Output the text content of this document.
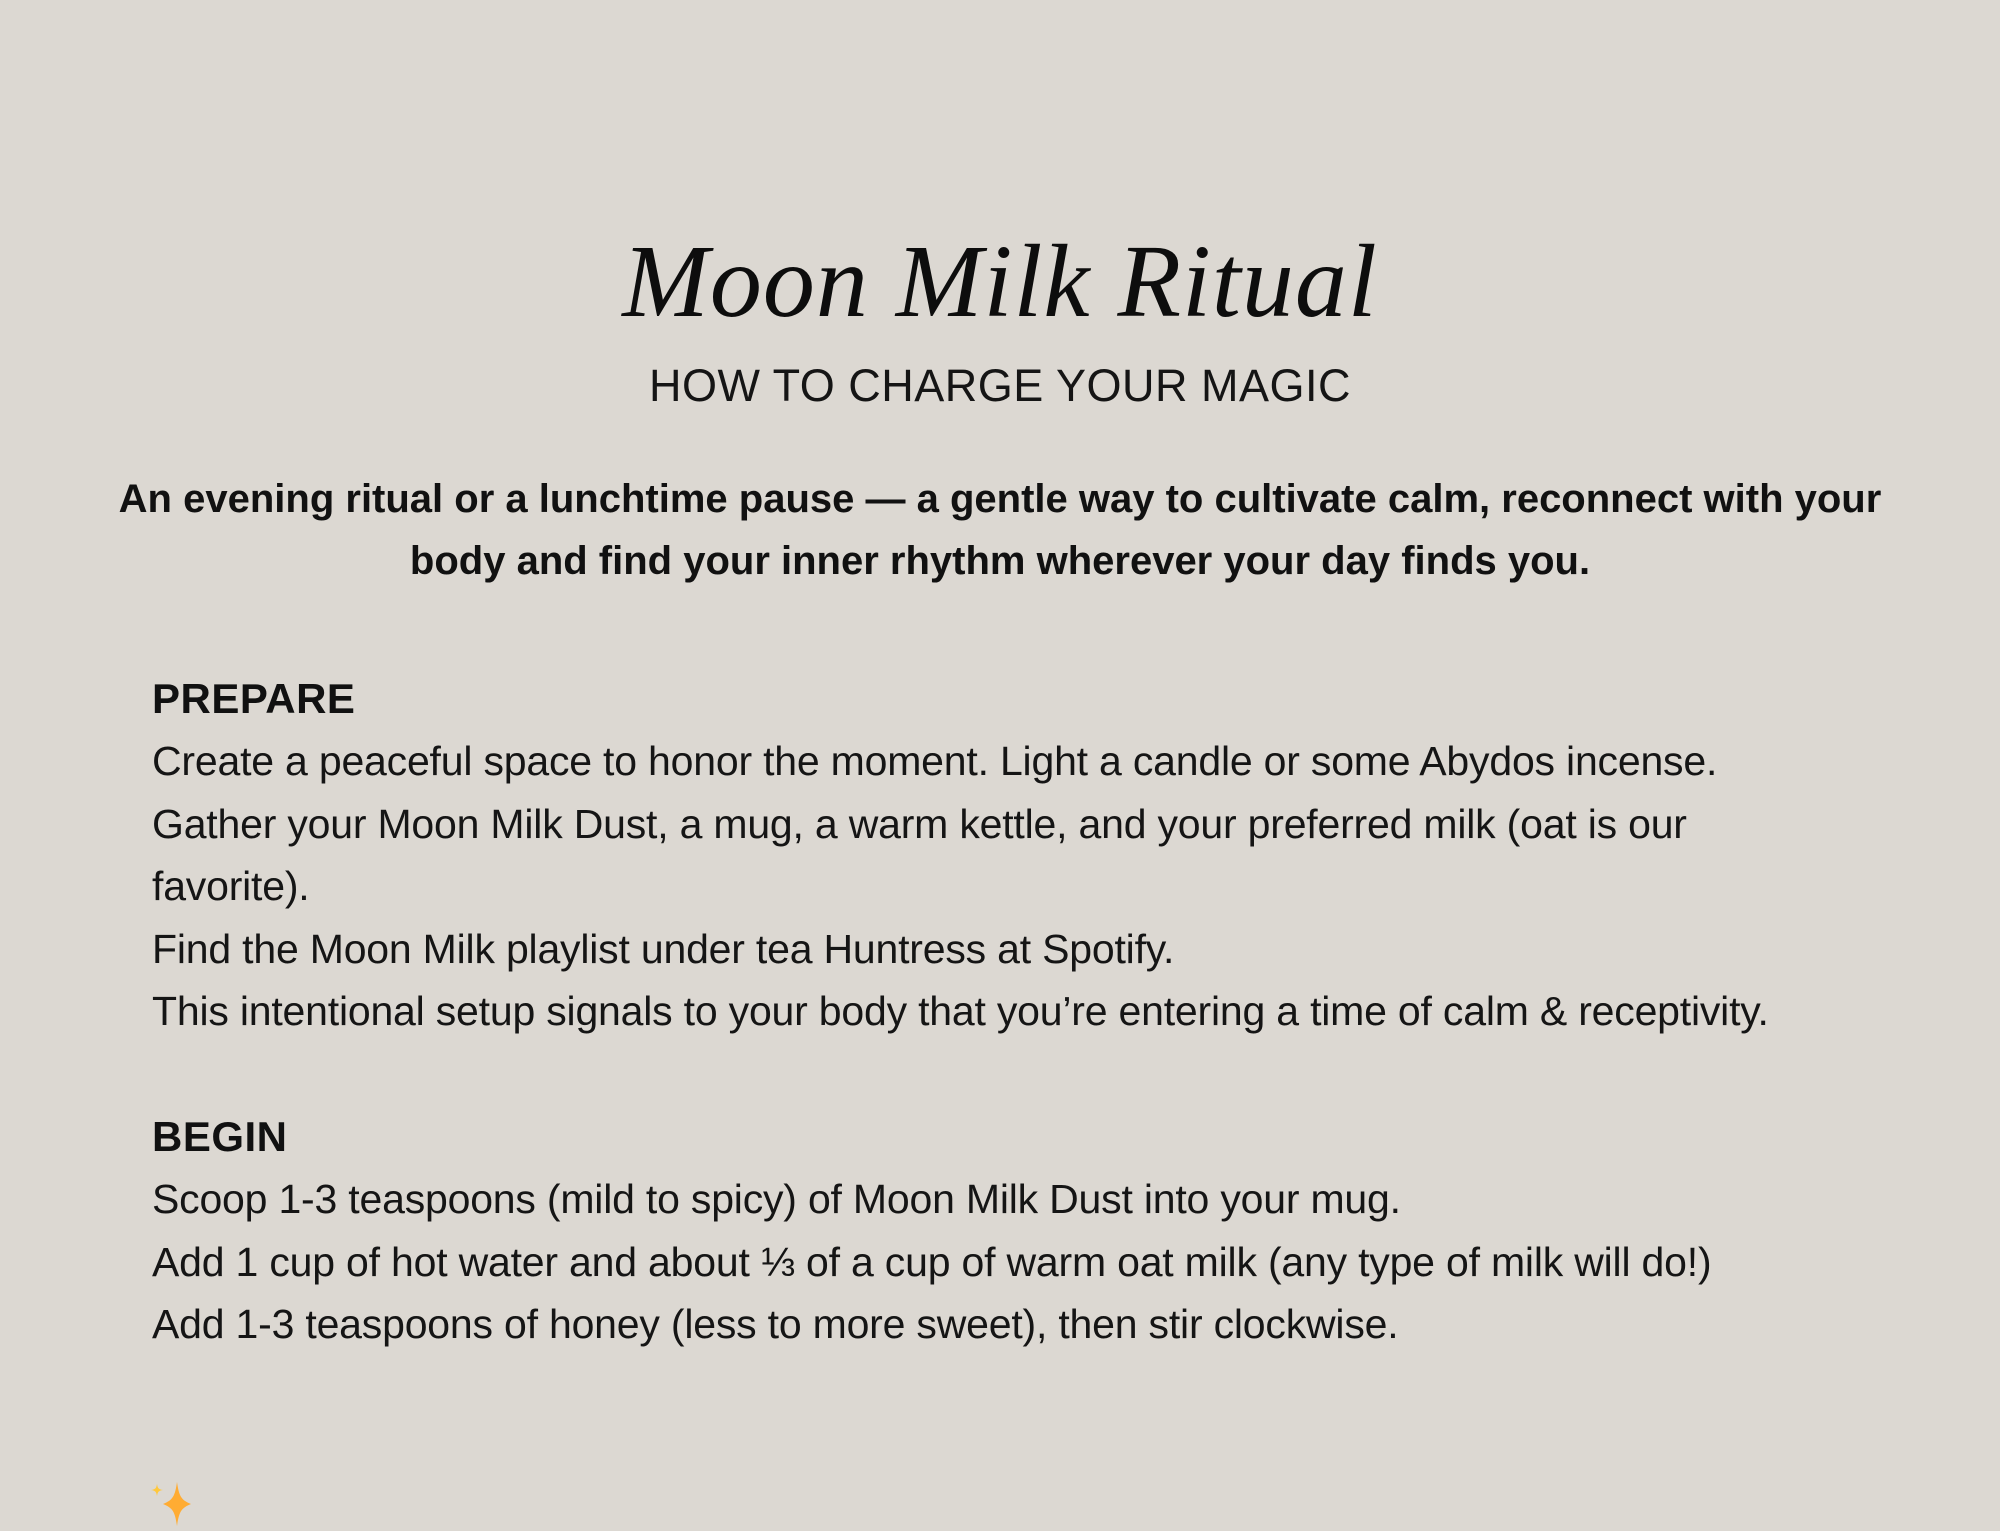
Moon Milk Ritual
HOW TO CHARGE YOUR MAGIC

An evening ritual or a lunchtime pause — a gentle way to cultivate calm, reconnect with your
body and find your inner rhythm wherever your day finds you.

PREPARE

Create a peaceful space to honor the moment. Light a candle or some Abydos incense.

Gather your Moon Milk Dust, a mug, a warm kettle, and your preferred milk (oat is our

favorite).

Find the Moon Milk playlist under tea Huntress at Spotify.

This intentional setup signals to your body that you’re entering a time of calm & receptivity.

BEGIN

Scoop 1-3 teaspoons (mild to spicy) of Moon Milk Dust into your mug.

Add 1 cup of hot water and about ⅓ of a cup of warm oat milk (any type of milk will do!)

Add 1-3 teaspoons of honey (less to more sweet), then stir clockwise.
